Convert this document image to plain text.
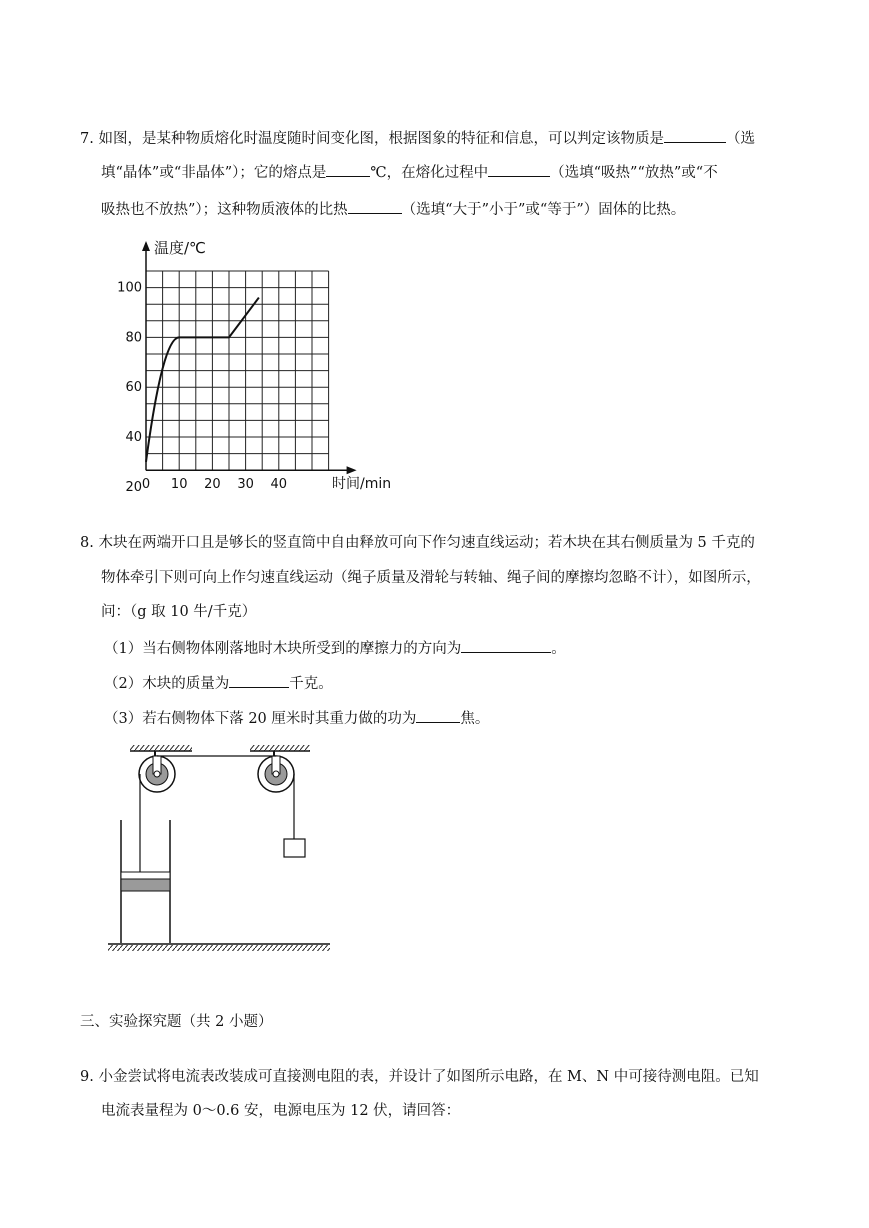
7. 如图，是某种物质熔化时温度随时间变化图，根据图象的特征和信息，可以判定该物质是	（选
填“晶体”或“非晶体”）；它的熔点是	℃，在熔化过程中	（选填“吸热”“放热”或“不
吸热也不放热”）；这种物质液体的比热	（选填“大于”小于”或“等于”）固体的比热。
0 10 20 30 40
20
40
60
80
100
温度/℃
时间/min
8. 木块在两端开口且是够长的竖直筒中自由释放可向下作匀速直线运动；若木块在其右侧质量为 5 千克的
物体牵引下则可向上作匀速直线运动（绳子质量及滑轮与转轴、绳子间的摩擦均忽略不计），如图所示，
问：（g 取 10 牛/千克）
（1）当右侧物体刚落地时木块所受到的摩擦力的方向为	。
（2）木块的质量为	千克。
（3）若右侧物体下落 20 厘米时其重力做的功为	焦。
三、实验探究题（共 2 小题）
9. 小金尝试将电流表改装成可直接测电阻的表，并设计了如图所示电路，在 M、N 中可接待测电阻。已知
电流表量程为 0～0.6 安，电源电压为 12 伏，请回答：
